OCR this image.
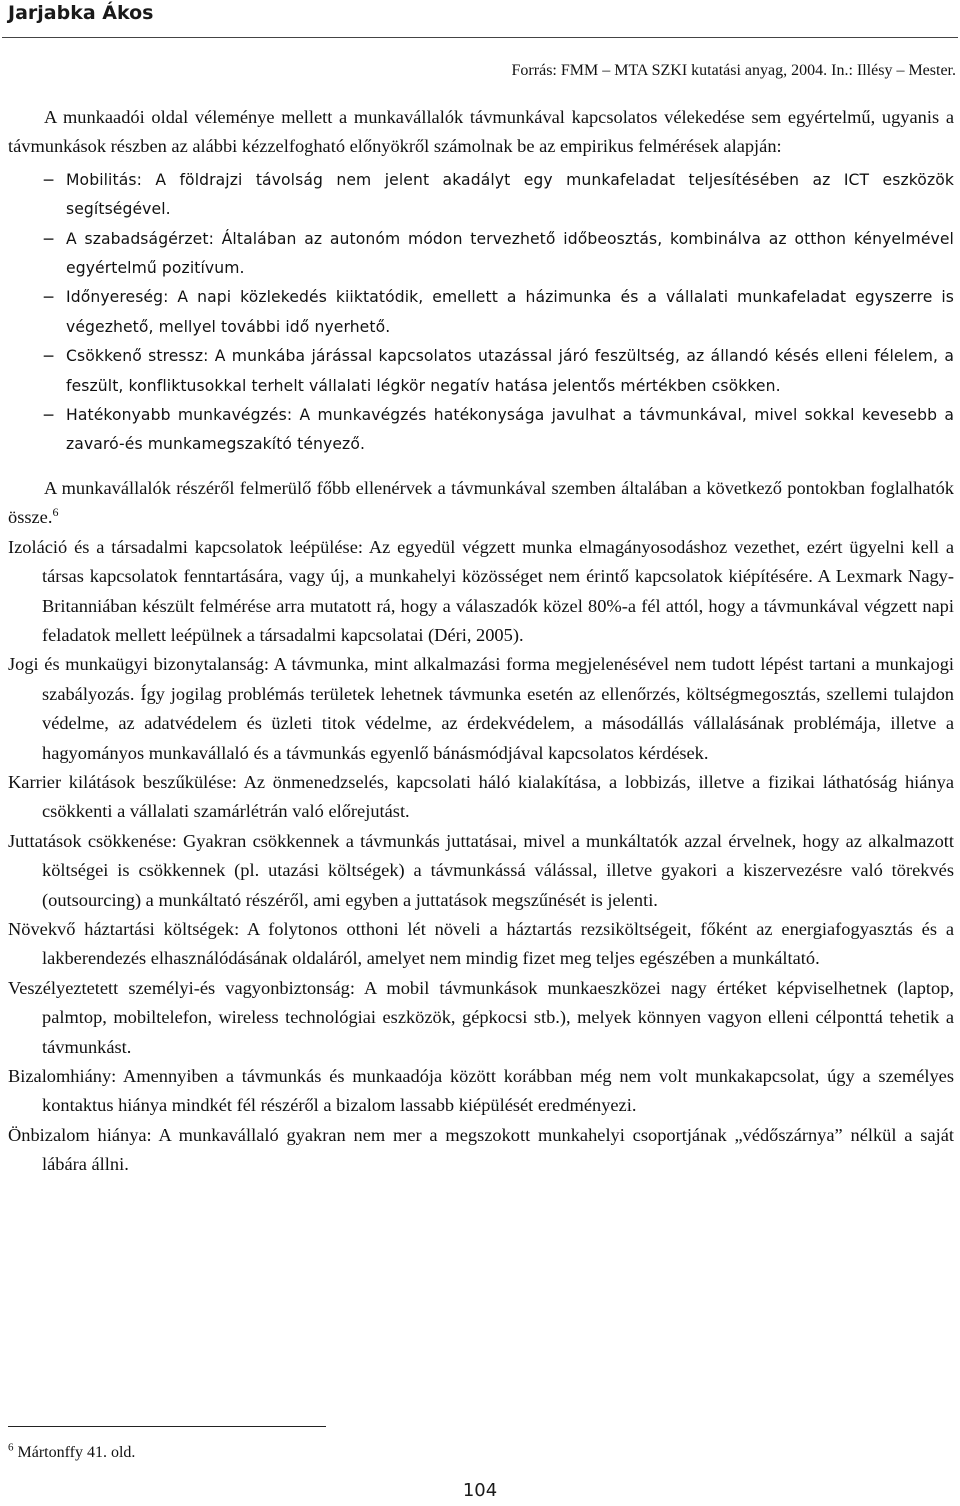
Jarjabka Ákos
Forrás: FMM – MTA SZKI kutatási anyag, 2004. In.: Illésy – Mester.

A munkaadói oldal véleménye mellett a munkavállalók távmunkával kapcsolatos vélekedése sem egyértelmű, ugyanis a távmunkások részben az alábbi kézzelfogható előnyökről számolnak be az empirikus felmérések alapján:

− Mobilitás: A földrajzi távolság nem jelent akadályt egy munkafeladat teljesítésében az ICT eszközök segítségével.
− A szabadságérzet: Általában az autonóm módon tervezhető időbeosztás, kombinálva az otthon kényelmével egyértelmű pozitívum.
− Időnyereség: A napi közlekedés kiiktatódik, emellett a házimunka és a vállalati munkafeladat egyszerre is végezhető, mellyel további idő nyerhető.
− Csökkenő stressz: A munkába járással kapcsolatos utazással járó feszültség, az állandó késés elleni félelem, a feszült, konfliktusokkal terhelt vállalati légkör negatív hatása jelentős mértékben csökken.
− Hatékonyabb munkavégzés: A munkavégzés hatékonysága javulhat a távmunkával, mivel sokkal kevesebb a zavaró-és munkamegszakító tényező.

A munkavállalók részéről felmerülő főbb ellenérvek a távmunkával szemben általában a következő pontokban foglalhatók össze.$^6$

Izoláció és a társadalmi kapcsolatok leépülése: Az egyedül végzett munka elmagányosodáshoz vezethet, ezért ügyelni kell a társas kapcsolatok fenntartására, vagy új, a munkahelyi közösséget nem érintő kapcsolatok kiépítésére. A Lexmark Nagy-Britanniában készült felmérése arra mutatott rá, hogy a válaszadók közel 80%-a fél attól, hogy a távmunkával végzett napi feladatok mellett leépülnek a társadalmi kapcsolatai (Déri, 2005).

Jogi és munkaügyi bizonytalanság: A távmunka, mint alkalmazási forma megjelenésével nem tudott lépést tartani a munkajogi szabályozás. Így jogilag problémás területek lehetnek távmunka esetén az ellenőrzés, költségmegosztás, szellemi tulajdon védelme, az adatvédelem és üzleti titok védelme, az érdekvédelem, a másodállás vállalásának problémája, illetve a hagyományos munkavállaló és a távmunkás egyenlő bánásmódjával kapcsolatos kérdések.

Karrier kilátások beszűkülése: Az önmenedzselés, kapcsolati háló kialakítása, a lobbizás, illetve a fizikai láthatóság hiánya csökkenti a vállalati szamárlétrán való előrejutást.

Juttatások csökkenése: Gyakran csökkennek a távmunkás juttatásai, mivel a munkáltatók azzal érvelnek, hogy az alkalmazott költségei is csökkennek (pl. utazási költségek) a távmunkássá válással, illetve gyakori a kiszervezésre való törekvés (outsourcing) a munkáltató részéről, ami egyben a juttatások megszűnését is jelenti.

Növekvő háztartási költségek: A folytonos otthoni lét növeli a háztartás rezsiköltségeit, főként az energiafogyasztás és a lakberendezés elhasználódásának oldaláról, amelyet nem mindig fizet meg teljes egészében a munkáltató.

Veszélyeztetett személyi-és vagyonbiztonság: A mobil távmunkások munkaeszközei nagy értéket képviselhetnek (laptop, palmtop, mobiltelefon, wireless technológiai eszközök, gépkocsi stb.), melyek könnyen vagyon elleni célponttá tehetik a távmunkást.

Bizalomhiány: Amennyiben a távmunkás és munkaadója között korábban még nem volt munkakapcsolat, úgy a személyes kontaktus hiánya mindkét fél részéről a bizalom lassabb kiépülését eredményezi.

Önbizalom hiánya: A munkavállaló gyakran nem mer a megszokott munkahelyi csoportjának „védőszárnya” nélkül a saját lábára állni.

$^6$ Mártonffy 41. old.
104
